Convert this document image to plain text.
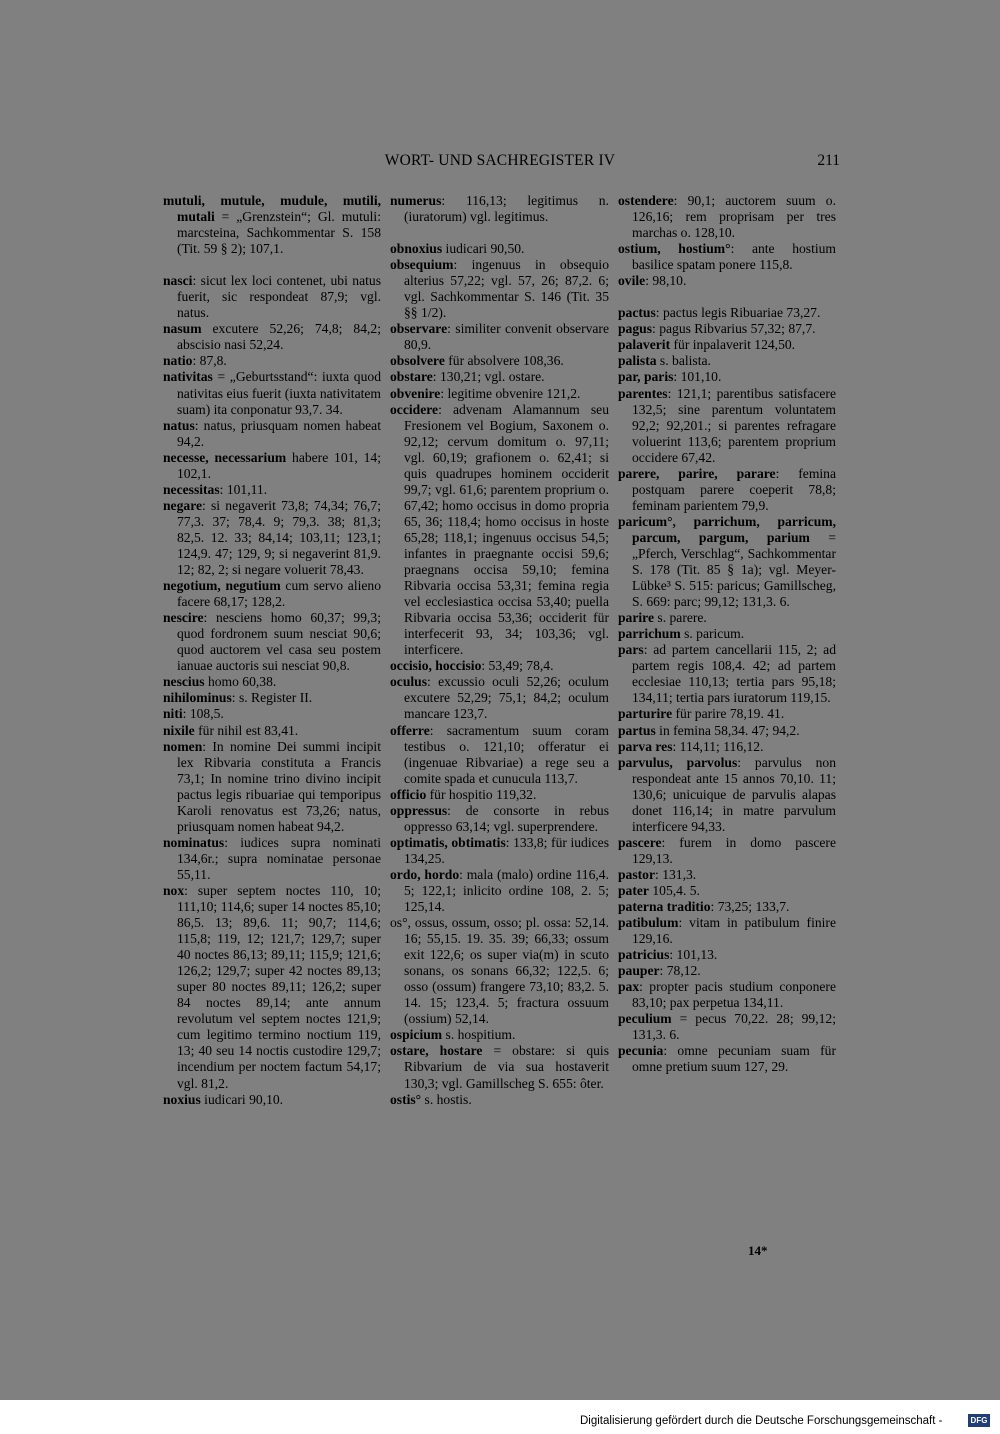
WORT- UND SACHREGISTER IV	211

mutuli, mutule, mudule, mutili, mutali = „Grenzstein“; Gl. mutuli: marcsteina, Sachkommentar S. 158 (Tit. 59 § 2); 107,1.

nasci: sicut lex loci contenet, ubi natus fuerit, sic respondeat 87,9; vgl. natus.

nasum excutere 52,26; 74,8; 84,2; abscisio nasi 52,24.

natio: 87,8.

nativitas = „Geburtsstand“: iuxta quod nativitas eius fuerit (iuxta nativitatem suam) ita conponatur 93,7. 34.

natus: natus, priusquam nomen habeat 94,2.

necesse, necessarium habere 101, 14; 102,1.

necessitas: 101,11.

negare: si negaverit 73,8; 74,34; 76,7; 77,3. 37; 78,4. 9; 79,3. 38; 81,3; 82,5. 12. 33; 84,14; 103,11; 123,1; 124,9. 47; 129, 9; si negaverint 81,9. 12; 82, 2; si negare voluerit 78,43.

negotium, negutium cum servo alieno facere 68,17; 128,2.

nescire: nesciens homo 60,37; 99,3; quod fordronem suum nesciat 90,6; quod auctorem vel casa seu postem ianuae auctoris sui nesciat 90,8.

nescius homo 60,38.

nihilominus: s. Register II.

niti: 108,5.

nixile für nihil est 83,41.

nomen: In nomine Dei summi incipit lex Ribvaria constituta a Francis 73,1; In nomine trino divino incipit pactus legis ribuariae qui temporipus Karoli renovatus est 73,26; natus, priusquam nomen habeat 94,2.

nominatus: iudices supra nominati 134,6r.; supra nominatae personae 55,11.

nox: super septem noctes 110, 10; 111,10; 114,6; super 14 noctes 85,10; 86,5. 13; 89,6. 11; 90,7; 114,6; 115,8; 119, 12; 121,7; 129,7; super 40 noctes 86,13; 89,11; 115,9; 121,6; 126,2; 129,7; super 42 noctes 89,13; super 80 noctes 89,11; 126,2; super 84 noctes 89,14; ante annum revolutum vel septem noctes 121,9; cum legitimo termino noctium 119, 13; 40 seu 14 noctis custodire 129,7; incendium per noctem factum 54,17; vgl. 81,2.

noxius iudicari 90,10.

numerus: 116,13; legitimus n. (iuratorum) vgl. legitimus.

obnoxius iudicari 90,50.

obsequium: ingenuus in obsequio alterius 57,22; vgl. 57, 26; 87,2. 6; vgl. Sachkommentar S. 146 (Tit. 35 §§ 1/2).

observare: similiter convenit observare 80,9.

obsolvere für absolvere 108,36.

obstare: 130,21; vgl. ostare.

obvenire: legitime obvenire 121,2.

occidere: advenam Alamannum seu Fresionem vel Bogium, Saxonem o. 92,12; cervum domitum o. 97,11; vgl. 60,19; grafionem o. 62,41; si quis quadrupes hominem occiderit 99,7; vgl. 61,6; parentem proprium o. 67,42; homo occisus in domo propria 65, 36; 118,4; homo occisus in hoste 65,28; 118,1; ingenuus occisus 54,5; infantes in praegnante occisi 59,6; praegnans occisa 59,10; femina Ribvaria occisa 53,31; femina regia vel ecclesiastica occisa 53,40; puella Ribvaria occisa 53,36; occiderit für interfecerit 93, 34; 103,36; vgl. interficere.

occisio, hoccisio: 53,49; 78,4.

oculus: excussio oculi 52,26; oculum excutere 52,29; 75,1; 84,2; oculum mancare 123,7.

offerre: sacramentum suum coram testibus o. 121,10; offeratur ei (ingenuae Ribvariae) a rege seu a comite spada et cunucula 113,7.

officio für hospitio 119,32.

oppressus: de consorte in rebus oppresso 63,14; vgl. superprendere.

optimatis, obtimatis: 133,8; für iudices 134,25.

ordo, hordo: mala (malo) ordine 116,4. 5; 122,1; inlicito ordine 108, 2. 5; 125,14.

os°, ossus, ossum, osso; pl. ossa: 52,14. 16; 55,15. 19. 35. 39; 66,33; ossum exit 122,6; os super via(m) in scuto sonans, os sonans 66,32; 122,5. 6; osso (ossum) frangere 73,10; 83,2. 5. 14. 15; 123,4. 5; fractura ossuum (ossium) 52,14.

ospicium s. hospitium.

ostare, hostare = obstare: si quis Ribvarium de via sua hostaverit 130,3; vgl. Gamillscheg S. 655: ôter.

ostis° s. hostis.

ostendere: 90,1; auctorem suum o. 126,16; rem proprisam per tres marchas o. 128,10.

ostium, hostium°: ante hostium basilice spatam ponere 115,8.

ovile: 98,10.

pactus: pactus legis Ribuariae 73,27.

pagus: pagus Ribvarius 57,32; 87,7.

palaverit für inpalaverit 124,50.

palista s. balista.

par, paris: 101,10.

parentes: 121,1; parentibus satisfacere 132,5; sine parentum voluntatem 92,2; 92,201.; si parentes refragare voluerint 113,6; parentem proprium occidere 67,42.

parere, parire, parare: femina postquam parere coeperit 78,8; feminam parientem 79,9.

paricum°, parrichum, parricum, parcum, pargum, parium = „Pferch, Verschlag“, Sachkommentar S. 178 (Tit. 85 § 1a); vgl. Meyer-Lübke³ S. 515: paricus; Gamillscheg, S. 669: parc; 99,12; 131,3. 6.

parire s. parere.

parrichum s. paricum.

pars: ad partem cancellarii 115, 2; ad partem regis 108,4. 42; ad partem ecclesiae 110,13; tertia pars 95,18; 134,11; tertia pars iuratorum 119,15.

parturire für parire 78,19. 41.

partus in femina 58,34. 47; 94,2.

parva res: 114,11; 116,12.

parvulus, parvolus: parvulus non respondeat ante 15 annos 70,10. 11; 130,6; unicuique de parvulis alapas donet 116,14; in matre parvulum interficere 94,33.

pascere: furem in domo pascere 129,13.

pastor: 131,3.

pater 105,4. 5.

paterna traditio: 73,25; 133,7.

patibulum: vitam in patibulum finire 129,16.

patricius: 101,13.

pauper: 78,12.

pax: propter pacis studium conponere 83,10; pax perpetua 134,11.

peculium = pecus 70,22. 28; 99,12; 131,3. 6.

pecunia: omne pecuniam suam für omne pretium suum 127, 29.

14*
Digitalisierung gefördert durch die Deutsche Forschungsgemeinschaft -	DFG
